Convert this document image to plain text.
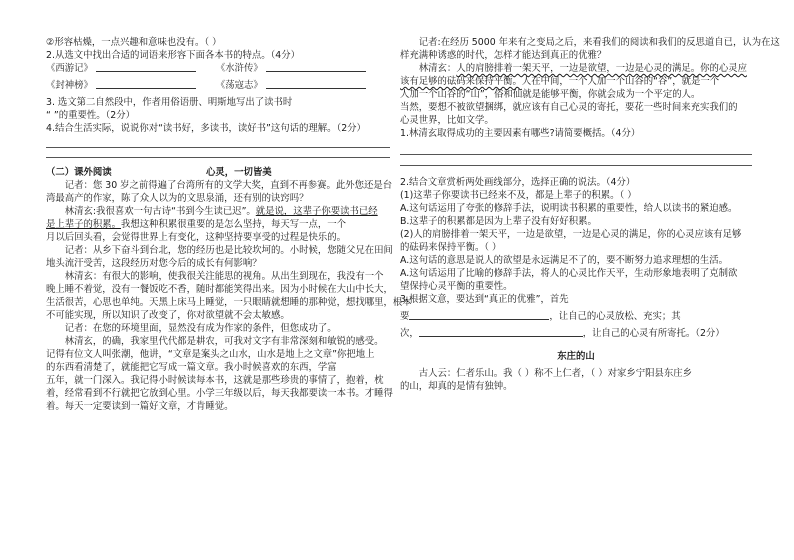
②形容枯燥，一点兴趣和意味也没有。（ ）

2.从选文中找出合适的词语来形容下面各本书的特点。（4分）

《西游记》	《水浒传》

《封神榜》	《荡寇志》

3. 选文第二自然段中，作者用俗语册、明斯地写出了读书时

“ ”的重要性。（2分）

4.结合生活实际，说说你对“读书好，多读书，读好书”这句话的理解。（2分）

（二）课外阅读	心灵，一切皆美

记者：您 30 岁之前得遍了台湾所有的文学大奖，直到不再参赛。此外您还是台

湾最高产的作家，陈了众人以为的文思泉涌，还有别的诀窍吗？

林清玄:我很喜欢一句古诗“书到今生读已迟”。就是说，这辈子你要读书已经

是上辈子的积累。我想这种积累很重要的是怎么坚持，每天写一点，一个

月以后回头看，会觉得世界上有变化，这种坚持要享受的过程是快乐的。

记者：从乡下奋斗到台北，您的经历也是比较坎坷的。小时候，您随父兄在田间

地头流汗受苦，这段经历对您今后的成长有何影响？

林清玄：有很大的影响，使我很关注能思的视角。从出生到现在，我没有一个

晚上睡不着觉，没有一餐饭吃不香，随时都能笑得出来。因为小时候在大山中长大，

生活很苦，心思也单纯。天黑上床马上睡觉，一只眼睛就想睡的那种觉，想找哪里，根本

不可能实现，所以知识了改变了，你对欲望就不会太敏感。

记者：在您的环境里面，显然没有成为作家的条件，但您成功了。

林清玄，的确，我家里代代都是耕农，可我对文字有非常深刻和敏锐的感受。

记得有位文人叫张潮，他讲，“文章是案头之山水，山水是地上之文章”你把地上

的东西看清楚了，就能把它写成一篇文章。我小时候喜欢的东西，学富

五年，就一门深入。我记得小时候读每本书，这就是那些珍贵的事情了，抱着，枕

着，经常看到不行就把它放到心里。小学三年级以后，每天我都要读一本书。才睡得

着。每天一定要读到一篇好文章，才肯睡觉。

记者:在经历 5000 年来有之变局之后，来看我们的阅读和我们的反思道自已，认为在这

样充满种诱惑的时代，怎样才能达到真正的优雅？

林清玄：人的肩膀排着一架天平，一边是欲望，一边是心灵的满足。你的心灵应

该有足够的砝码来保持平衡。人在中间，一个人加一个山谷的“谷”，就是一个

人加一个山谷的“山”，俗和仙就是能够平衡，你就会成为一个平定的人。

当然，要想不被欲望捆绑，就应该有自己心灵的寄托，要花一些时间来充实我们的

心灵世界，比如文学。

1.林清玄取得成功的主要因素有哪些?请简要概括。（4分）

2.结合文章赏析两处画线部分，选择正确的说法。（4分）

(1)这辈子你要读书已经来不及，都是上辈子的积累。（ ）

A.这句话运用了夸张的修辞手法，说明读书积累的重要性，给人以读书的紧迫感。

B.这辈子的积累都是因为上辈子没有好好积累。

(2)人的肩膀排着一架天平，一边是欲望，一边是心灵的满足，你的心灵应该有足够

的砝码来保持平衡。（ ）

A.这句话的意思是说人的欲望是永远满足不了的，要不断努力追求理想的生活。

A.这句话运用了比喻的修辞手法，将人的心灵比作天平，生动形象地表明了克制欲

望保持心灵平衡的重要性。

3.根据文意，要达到“真正的优雅”，首先

要	，让自己的心灵放松、充实；其

次，	，让自己的心灵有所寄托。（2分）

东庄的山

古人云：仁者乐山。我（ ）称不上仁者，（ ）对家乡宁阳县东庄乡

的山，却真的是情有独钟。
